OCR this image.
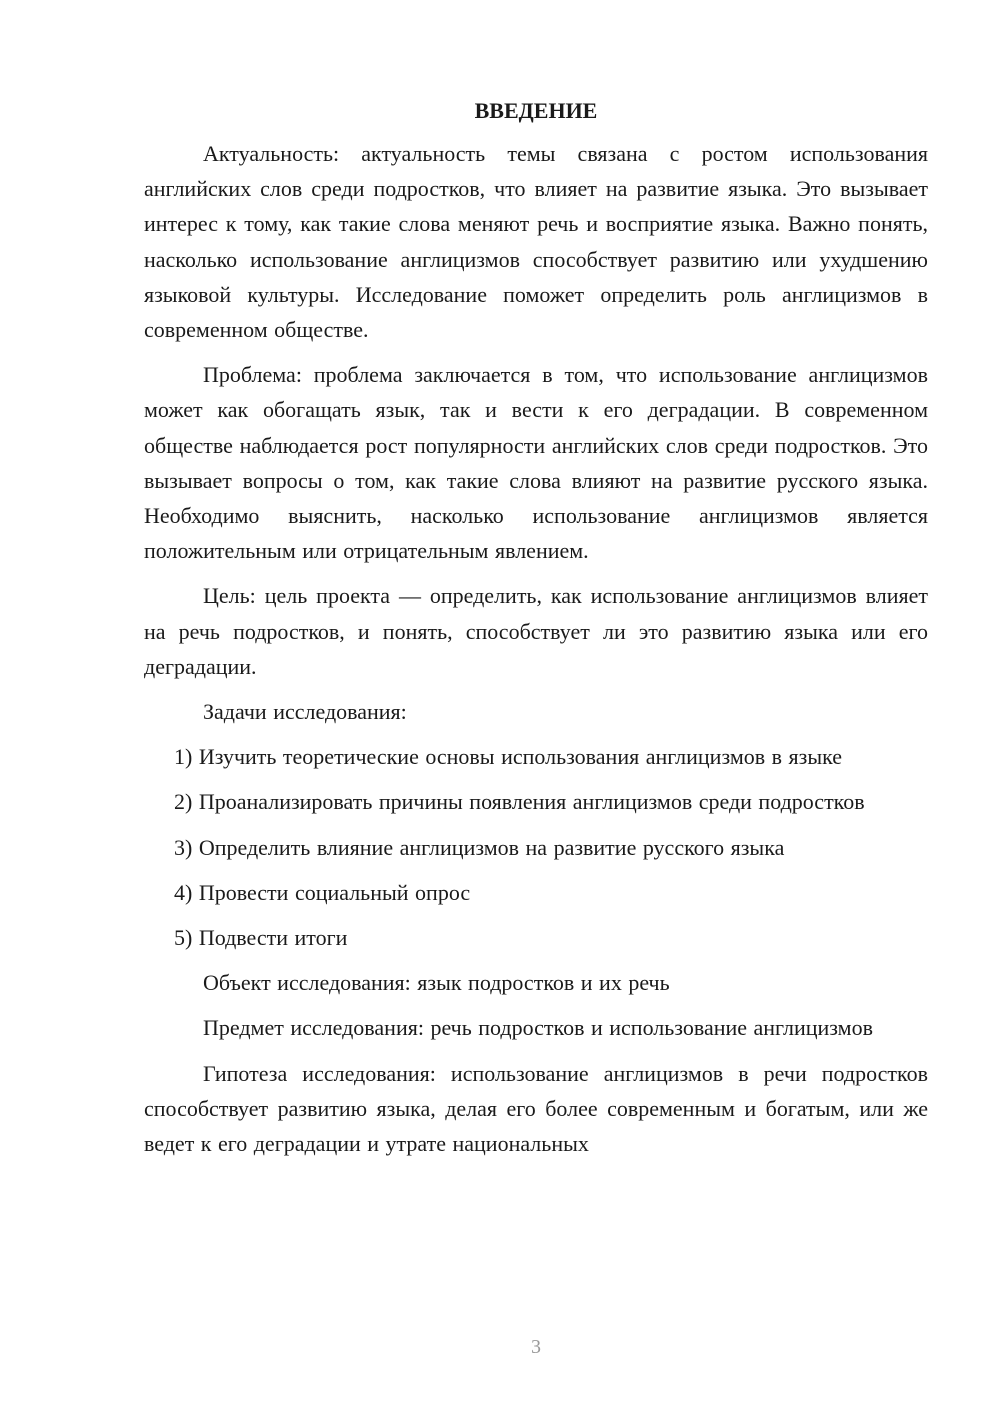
ВВЕДЕНИЕ

Актуальность: актуальность темы связана с ростом использования английских слов среди подростков, что влияет на развитие языка. Это вызывает интерес к тому, как такие слова меняют речь и восприятие языка. Важно понять, насколько использование англицизмов способствует развитию или ухудшению языковой культуры. Исследование поможет определить роль англицизмов в современном обществе.

Проблема: проблема заключается в том, что использование англицизмов может как обогащать язык, так и вести к его деградации. В современном обществе наблюдается рост популярности английских слов среди подростков. Это вызывает вопросы о том, как такие слова влияют на развитие русского языка. Необходимо выяснить, насколько использование англицизмов является положительным или отрицательным явлением.

Цель: цель проекта — определить, как использование англицизмов влияет на речь подростков, и понять, способствует ли это развитию языка или его деградации.

Задачи исследования:

1) Изучить теоретические основы использования англицизмов в языке

2) Проанализировать причины появления англицизмов среди подростков

3) Определить влияние англицизмов на развитие русского языка

4) Провести социальный опрос

5) Подвести итоги

Объект исследования: язык подростков и их речь

Предмет исследования: речь подростков и использование англицизмов

Гипотеза исследования: использование англицизмов в речи подростков способствует развитию языка, делая его более современным и богатым, или же ведет к его деградации и утрате национальных

3
